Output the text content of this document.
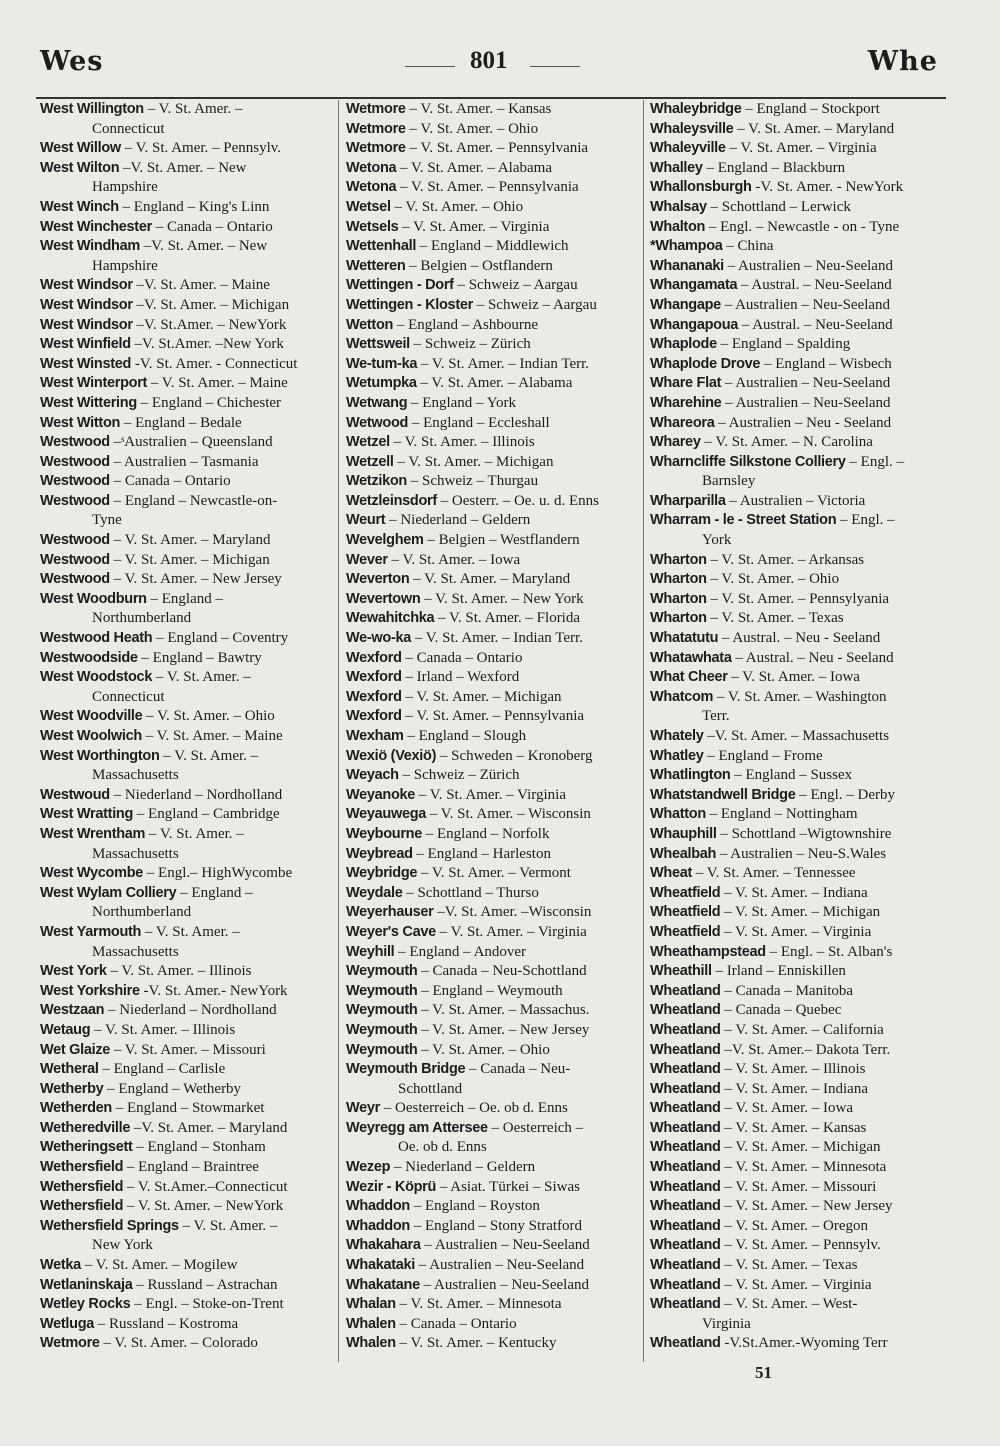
Wes	801	Whe

West Willington – V. St. Amer. –
Connecticut

West Willow – V. St. Amer. – Pennsylv.

West Wilton –V. St. Amer. – New
Hampshire

West Winch – England – King's Linn

West Winchester – Canada – Ontario

West Windham –V. St. Amer. – New
Hampshire

West Windsor –V. St. Amer. – Maine

West Windsor –V. St. Amer. – Michigan

West Windsor –V. St.Amer. – NewYork

West Winfield –V. St.Amer. –New York

West Winsted -V. St. Amer. - Connecticut

West Winterport – V. St. Amer. – Maine

West Wittering – England – Chichester

West Witton – England – Bedale

Westwood –ˢAustralien – Queensland

Westwood – Australien – Tasmania

Westwood – Canada – Ontario

Westwood – England – Newcastle-on-
Tyne

Westwood – V. St. Amer. – Maryland

Westwood – V. St. Amer. – Michigan

Westwood – V. St. Amer. – New Jersey

West Woodburn – England –
Northumberland

Westwood Heath – England – Coventry

Westwoodside – England – Bawtry

West Woodstock – V. St. Amer. –
Connecticut

West Woodville – V. St. Amer. – Ohio

West Woolwich – V. St. Amer. – Maine

West Worthington – V. St. Amer. –
Massachusetts

Westwoud – Niederland – Nordholland

West Wratting – England – Cambridge

West Wrentham – V. St. Amer. –
Massachusetts

West Wycombe – Engl.– HighWycombe

West Wylam Colliery – England –
Northumberland

West Yarmouth – V. St. Amer. –
Massachusetts

West York – V. St. Amer. – Illinois

West Yorkshire -V. St. Amer.- NewYork

Westzaan – Niederland – Nordholland

Wetaug – V. St. Amer. – Illinois

Wet Glaize – V. St. Amer. – Missouri

Wetheral – England – Carlisle

Wetherby – England – Wetherby

Wetherden – England – Stowmarket

Wetheredville –V. St. Amer. – Maryland

Wetheringsett – England – Stonham

Wethersfield – England – Braintree

Wethersfield – V. St.Amer.–Connecticut

Wethersfield – V. St. Amer. – NewYork

Wethersfield Springs – V. St. Amer. –
New York

Wetka – V. St. Amer. – Mogilew

Wetlaninskaja – Russland – Astrachan

Wetley Rocks – Engl. – Stoke-on-Trent

Wetluga – Russland – Kostroma

Wetmore – V. St. Amer. – Colorado

Wetmore – V. St. Amer. – Kansas

Wetmore – V. St. Amer. – Ohio

Wetmore – V. St. Amer. – Pennsylvania

Wetona – V. St. Amer. – Alabama

Wetona – V. St. Amer. – Pennsylvania

Wetsel – V. St. Amer. – Ohio

Wetsels – V. St. Amer. – Virginia

Wettenhall – England – Middlewich

Wetteren – Belgien – Ostflandern

Wettingen - Dorf – Schweiz – Aargau

Wettingen - Kloster – Schweiz – Aargau

Wetton – England – Ashbourne

Wettsweil – Schweiz – Zürich

We-tum-ka – V. St. Amer. – Indian Terr.

Wetumpka – V. St. Amer. – Alabama

Wetwang – England – York

Wetwood – England – Eccleshall

Wetzel – V. St. Amer. – Illinois

Wetzell – V. St. Amer. – Michigan

Wetzikon – Schweiz – Thurgau

Wetzleinsdorf – Oesterr. – Oe. u. d. Enns

Weurt – Niederland – Geldern

Wevelghem – Belgien – Westflandern

Wever – V. St. Amer. – Iowa

Weverton – V. St. Amer. – Maryland

Wevertown – V. St. Amer. – New York

Wewahitchka – V. St. Amer. – Florida

We-wo-ka – V. St. Amer. – Indian Terr.

Wexford – Canada – Ontario

Wexford – Irland – Wexford

Wexford – V. St. Amer. – Michigan

Wexford – V. St. Amer. – Pennsylvania

Wexham – England – Slough

Wexiö (Vexiö) – Schweden – Kronoberg

Weyach – Schweiz – Zürich

Weyanoke – V. St. Amer. – Virginia

Weyauwega – V. St. Amer. – Wisconsin

Weybourne – England – Norfolk

Weybread – England – Harleston

Weybridge – V. St. Amer. – Vermont

Weydale – Schottland – Thurso

Weyerhauser –V. St. Amer. –Wisconsin

Weyer's Cave – V. St. Amer. – Virginia

Weyhill – England – Andover

Weymouth – Canada – Neu-Schottland

Weymouth – England – Weymouth

Weymouth – V. St. Amer. – Massachus.

Weymouth – V. St. Amer. – New Jersey

Weymouth – V. St. Amer. – Ohio

Weymouth Bridge – Canada – Neu-
Schottland

Weyr – Oesterreich – Oe. ob d. Enns

Weyregg am Attersee – Oesterreich –
Oe. ob d. Enns

Wezep – Niederland – Geldern

Wezir - Köprü – Asiat. Türkei – Siwas

Whaddon – England – Royston

Whaddon – England – Stony Stratford

Whakahara – Australien – Neu-Seeland

Whakataki – Australien – Neu-Seeland

Whakatane – Australien – Neu-Seeland

Whalan – V. St. Amer. – Minnesota

Whalen – Canada – Ontario

Whalen – V. St. Amer. – Kentucky

Whaleybridge – England – Stockport

Whaleysville – V. St. Amer. – Maryland

Whaleyville – V. St. Amer. – Virginia

Whalley – England – Blackburn

Whallonsburgh -V. St. Amer. - NewYork

Whalsay – Schottland – Lerwick

Whalton – Engl. – Newcastle - on - Tyne

*Whampoa – China

Whananaki – Australien – Neu-Seeland

Whangamata – Austral. – Neu-Seeland

Whangape – Australien – Neu-Seeland

Whangapoua – Austral. – Neu-Seeland

Whaplode – England – Spalding

Whaplode Drove – England – Wisbech

Whare Flat – Australien – Neu-Seeland

Wharehine – Australien – Neu-Seeland

Whareora – Australien – Neu - Seeland

Wharey – V. St. Amer. – N. Carolina

Wharncliffe Silkstone Colliery – Engl. –
Barnsley

Wharparilla – Australien – Victoria

Wharram - le - Street Station – Engl. –
York

Wharton – V. St. Amer. – Arkansas

Wharton – V. St. Amer. – Ohio

Wharton – V. St. Amer. – Pennsylyania

Wharton – V. St. Amer. – Texas

Whatatutu – Austral. – Neu - Seeland

Whatawhata – Austral. – Neu - Seeland

What Cheer – V. St. Amer. – Iowa

Whatcom – V. St. Amer. – Washington
Terr.

Whately –V. St. Amer. – Massachusetts

Whatley – England – Frome

Whatlington – England – Sussex

Whatstandwell Bridge – Engl. – Derby

Whatton – England – Nottingham

Whauphill – Schottland –Wigtownshire

Whealbah – Australien – Neu-S.Wales

Wheat – V. St. Amer. – Tennessee

Wheatfield – V. St. Amer. – Indiana

Wheatfield – V. St. Amer. – Michigan

Wheatfield – V. St. Amer. – Virginia

Wheathampstead – Engl. – St. Alban's

Wheathill – Irland – Enniskillen

Wheatland – Canada – Manitoba

Wheatland – Canada – Quebec

Wheatland – V. St. Amer. – California

Wheatland –V. St. Amer.– Dakota Terr.

Wheatland – V. St. Amer. – Illinois

Wheatland – V. St. Amer. – Indiana

Wheatland – V. St. Amer. – Iowa

Wheatland – V. St. Amer. – Kansas

Wheatland – V. St. Amer. – Michigan

Wheatland – V. St. Amer. – Minnesota

Wheatland – V. St. Amer. – Missouri

Wheatland – V. St. Amer. – New Jersey

Wheatland – V. St. Amer. – Oregon

Wheatland – V. St. Amer. – Pennsylv.

Wheatland – V. St. Amer. – Texas

Wheatland – V. St. Amer. – Virginia

Wheatland – V. St. Amer. – West-
Virginia

Wheatland -V.St.Amer.-Wyoming Terr

51
